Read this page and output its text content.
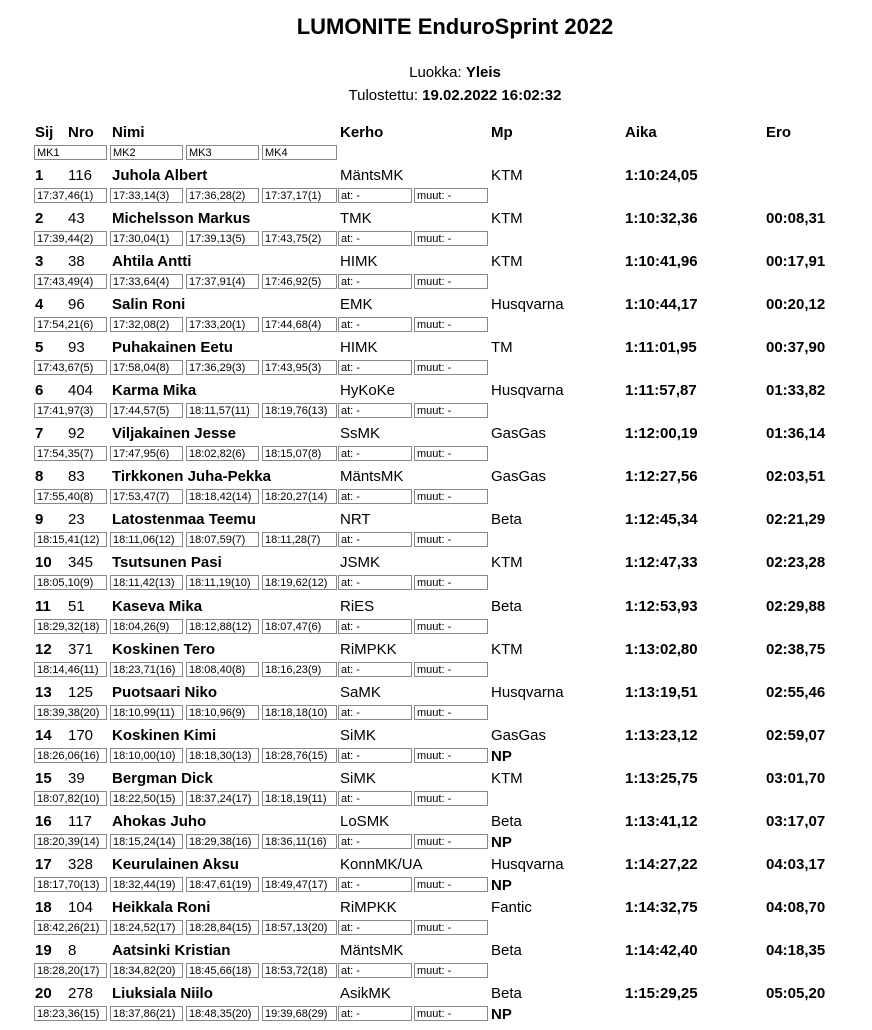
LUMONITE EnduroSprint 2022
Luokka: Yleis
Tulostettu: 19.02.2022 16:02:32
Sij Nro Nimi	Kerho	Mp	Aika	Ero
MK1	MK2	MK3	MK4
1 116 Juhola Albert	MäntsMK	KTM	1:10:24,05
17:37,46(1)	17:33,14(3)	17:36,28(2)	17:37,17(1)	at: -	muut: -
2 43 Michelsson Markus	TMK	KTM	1:10:32,36	00:08,31
17:39,44(2)	17:30,04(1)	17:39,13(5)	17:43,75(2)	at: -	muut: -
3 38 Ahtila Antti	HIMK	KTM	1:10:41,96	00:17,91
17:43,49(4)	17:33,64(4)	17:37,91(4)	17:46,92(5)	at: -	muut: -
4 96 Salin Roni	EMK	Husqvarna	1:10:44,17	00:20,12
17:54,21(6)	17:32,08(2)	17:33,20(1)	17:44,68(4)	at: -	muut: -
5 93 Puhakainen Eetu	HIMK	TM	1:11:01,95	00:37,90
17:43,67(5)	17:58,04(8)	17:36,29(3)	17:43,95(3)	at: -	muut: -
6 404 Karma Mika	HyKoKe	Husqvarna	1:11:57,87	01:33,82
17:41,97(3)	17:44,57(5)	18:11,57(11)	18:19,76(13)	at: -	muut: -
7 92 Viljakainen Jesse	SsMK	GasGas	1:12:00,19	01:36,14
17:54,35(7)	17:47,95(6)	18:02,82(6)	18:15,07(8)	at: -	muut: -
8 83 Tirkkonen Juha-Pekka	MäntsMK	GasGas	1:12:27,56	02:03,51
17:55,40(8)	17:53,47(7)	18:18,42(14)	18:20,27(14)	at: -	muut: -
9 23 Latostenmaa Teemu	NRT	Beta	1:12:45,34	02:21,29
18:15,41(12)	18:11,06(12)	18:07,59(7)	18:11,28(7)	at: -	muut: -
10 345 Tsutsunen Pasi	JSMK	KTM	1:12:47,33	02:23,28
18:05,10(9)	18:11,42(13)	18:11,19(10)	18:19,62(12)	at: -	muut: -
11 51 Kaseva Mika	RiES	Beta	1:12:53,93	02:29,88
18:29,32(18)	18:04,26(9)	18:12,88(12)	18:07,47(6)	at: -	muut: -
12 371 Koskinen Tero	RiMPKK	KTM	1:13:02,80	02:38,75
18:14,46(11)	18:23,71(16)	18:08,40(8)	18:16,23(9)	at: -	muut: -
13 125 Puotsaari Niko	SaMK	Husqvarna	1:13:19,51	02:55,46
18:39,38(20)	18:10,99(11)	18:10,96(9)	18:18,18(10)	at: -	muut: -
14 170 Koskinen Kimi	SiMK	GasGas	1:13:23,12	02:59,07
18:26,06(16)	18:10,00(10)	18:18,30(13)	18:28,76(15)	at: -	muut: -	NP
15 39 Bergman Dick	SiMK	KTM	1:13:25,75	03:01,70
18:07,82(10)	18:22,50(15)	18:37,24(17)	18:18,19(11)	at: -	muut: -
16 117 Ahokas Juho	LoSMK	Beta	1:13:41,12	03:17,07
18:20,39(14)	18:15,24(14)	18:29,38(16)	18:36,11(16)	at: -	muut: -	NP
17 328 Keurulainen Aksu	KonnMK/UA	Husqvarna	1:14:27,22	04:03,17
18:17,70(13)	18:32,44(19)	18:47,61(19)	18:49,47(17)	at: -	muut: -	NP
18 104 Heikkala Roni	RiMPKK	Fantic	1:14:32,75	04:08,70
18:42,26(21)	18:24,52(17)	18:28,84(15)	18:57,13(20)	at: -	muut: -
19 8 Aatsinki Kristian	MäntsMK	Beta	1:14:42,40	04:18,35
18:28,20(17)	18:34,82(20)	18:45,66(18)	18:53,72(18)	at: -	muut: -
20 278 Liuksiala Niilo	AsikMK	Beta	1:15:29,25	05:05,20
18:23,36(15)	18:37,86(21)	18:48,35(20)	19:39,68(29)	at: -	muut: -	NP
